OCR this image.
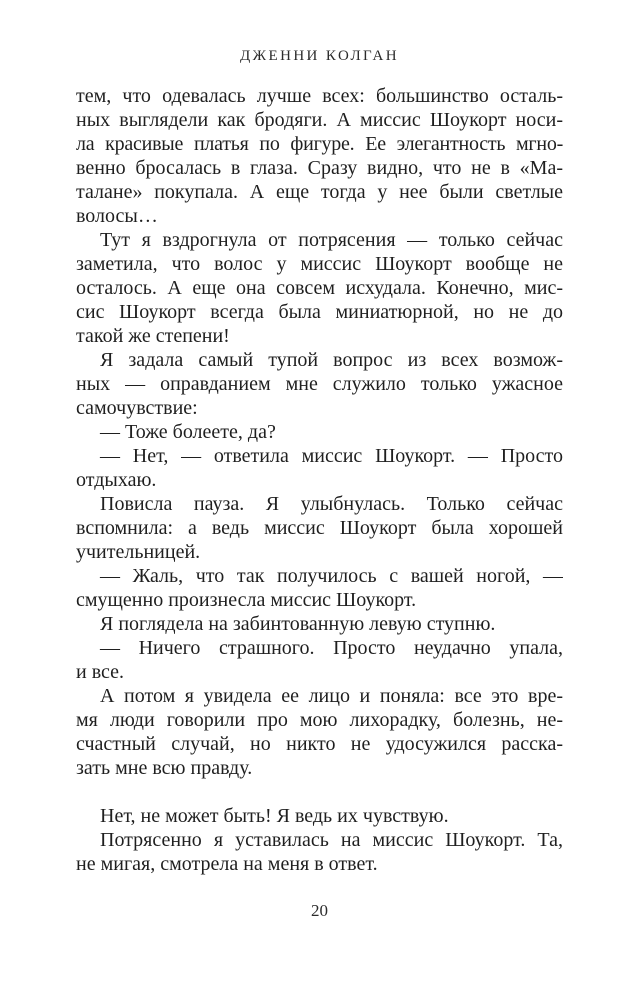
ДЖЕННИ КОЛГАН
тем, что одевалась лучше всех: большинство осталь-
ных выглядели как бродяги. А миссис Шоукорт носи-
ла красивые платья по фигуре. Ее элегантность мгно-
венно бросалась в глаза. Сразу видно, что не в «Ма-
талане» покупала. А еще тогда у нее были светлые
волосы…
Тут я вздрогнула от потрясения — только сейчас
заметила, что волос у миссис Шоукорт вообще не
осталось. А еще она совсем исхудала. Конечно, мис-
сис Шоукорт всегда была миниатюрной, но не до
такой же степени!
Я задала самый тупой вопрос из всех возмож-
ных — оправданием мне служило только ужасное
самочувствие:
— Тоже болеете, да?
— Нет, — ответила миссис Шоукорт. — Просто
отдыхаю.
Повисла пауза. Я улыбнулась. Только сейчас
вспомнила: а ведь миссис Шоукорт была хорошей
учительницей.
— Жаль, что так получилось с вашей ногой, —
смущенно произнесла миссис Шоукорт.
Я поглядела на забинтованную левую ступню.
— Ничего страшного. Просто неудачно упала,
и все.
А потом я увидела ее лицо и поняла: все это вре-
мя люди говорили про мою лихорадку, болезнь, не-
счастный случай, но никто не удосужился расска-
зать мне всю правду.
Нет, не может быть! Я ведь их чувствую.
Потрясенно я уставилась на миссис Шоукорт. Та,
не мигая, смотрела на меня в ответ.
20
